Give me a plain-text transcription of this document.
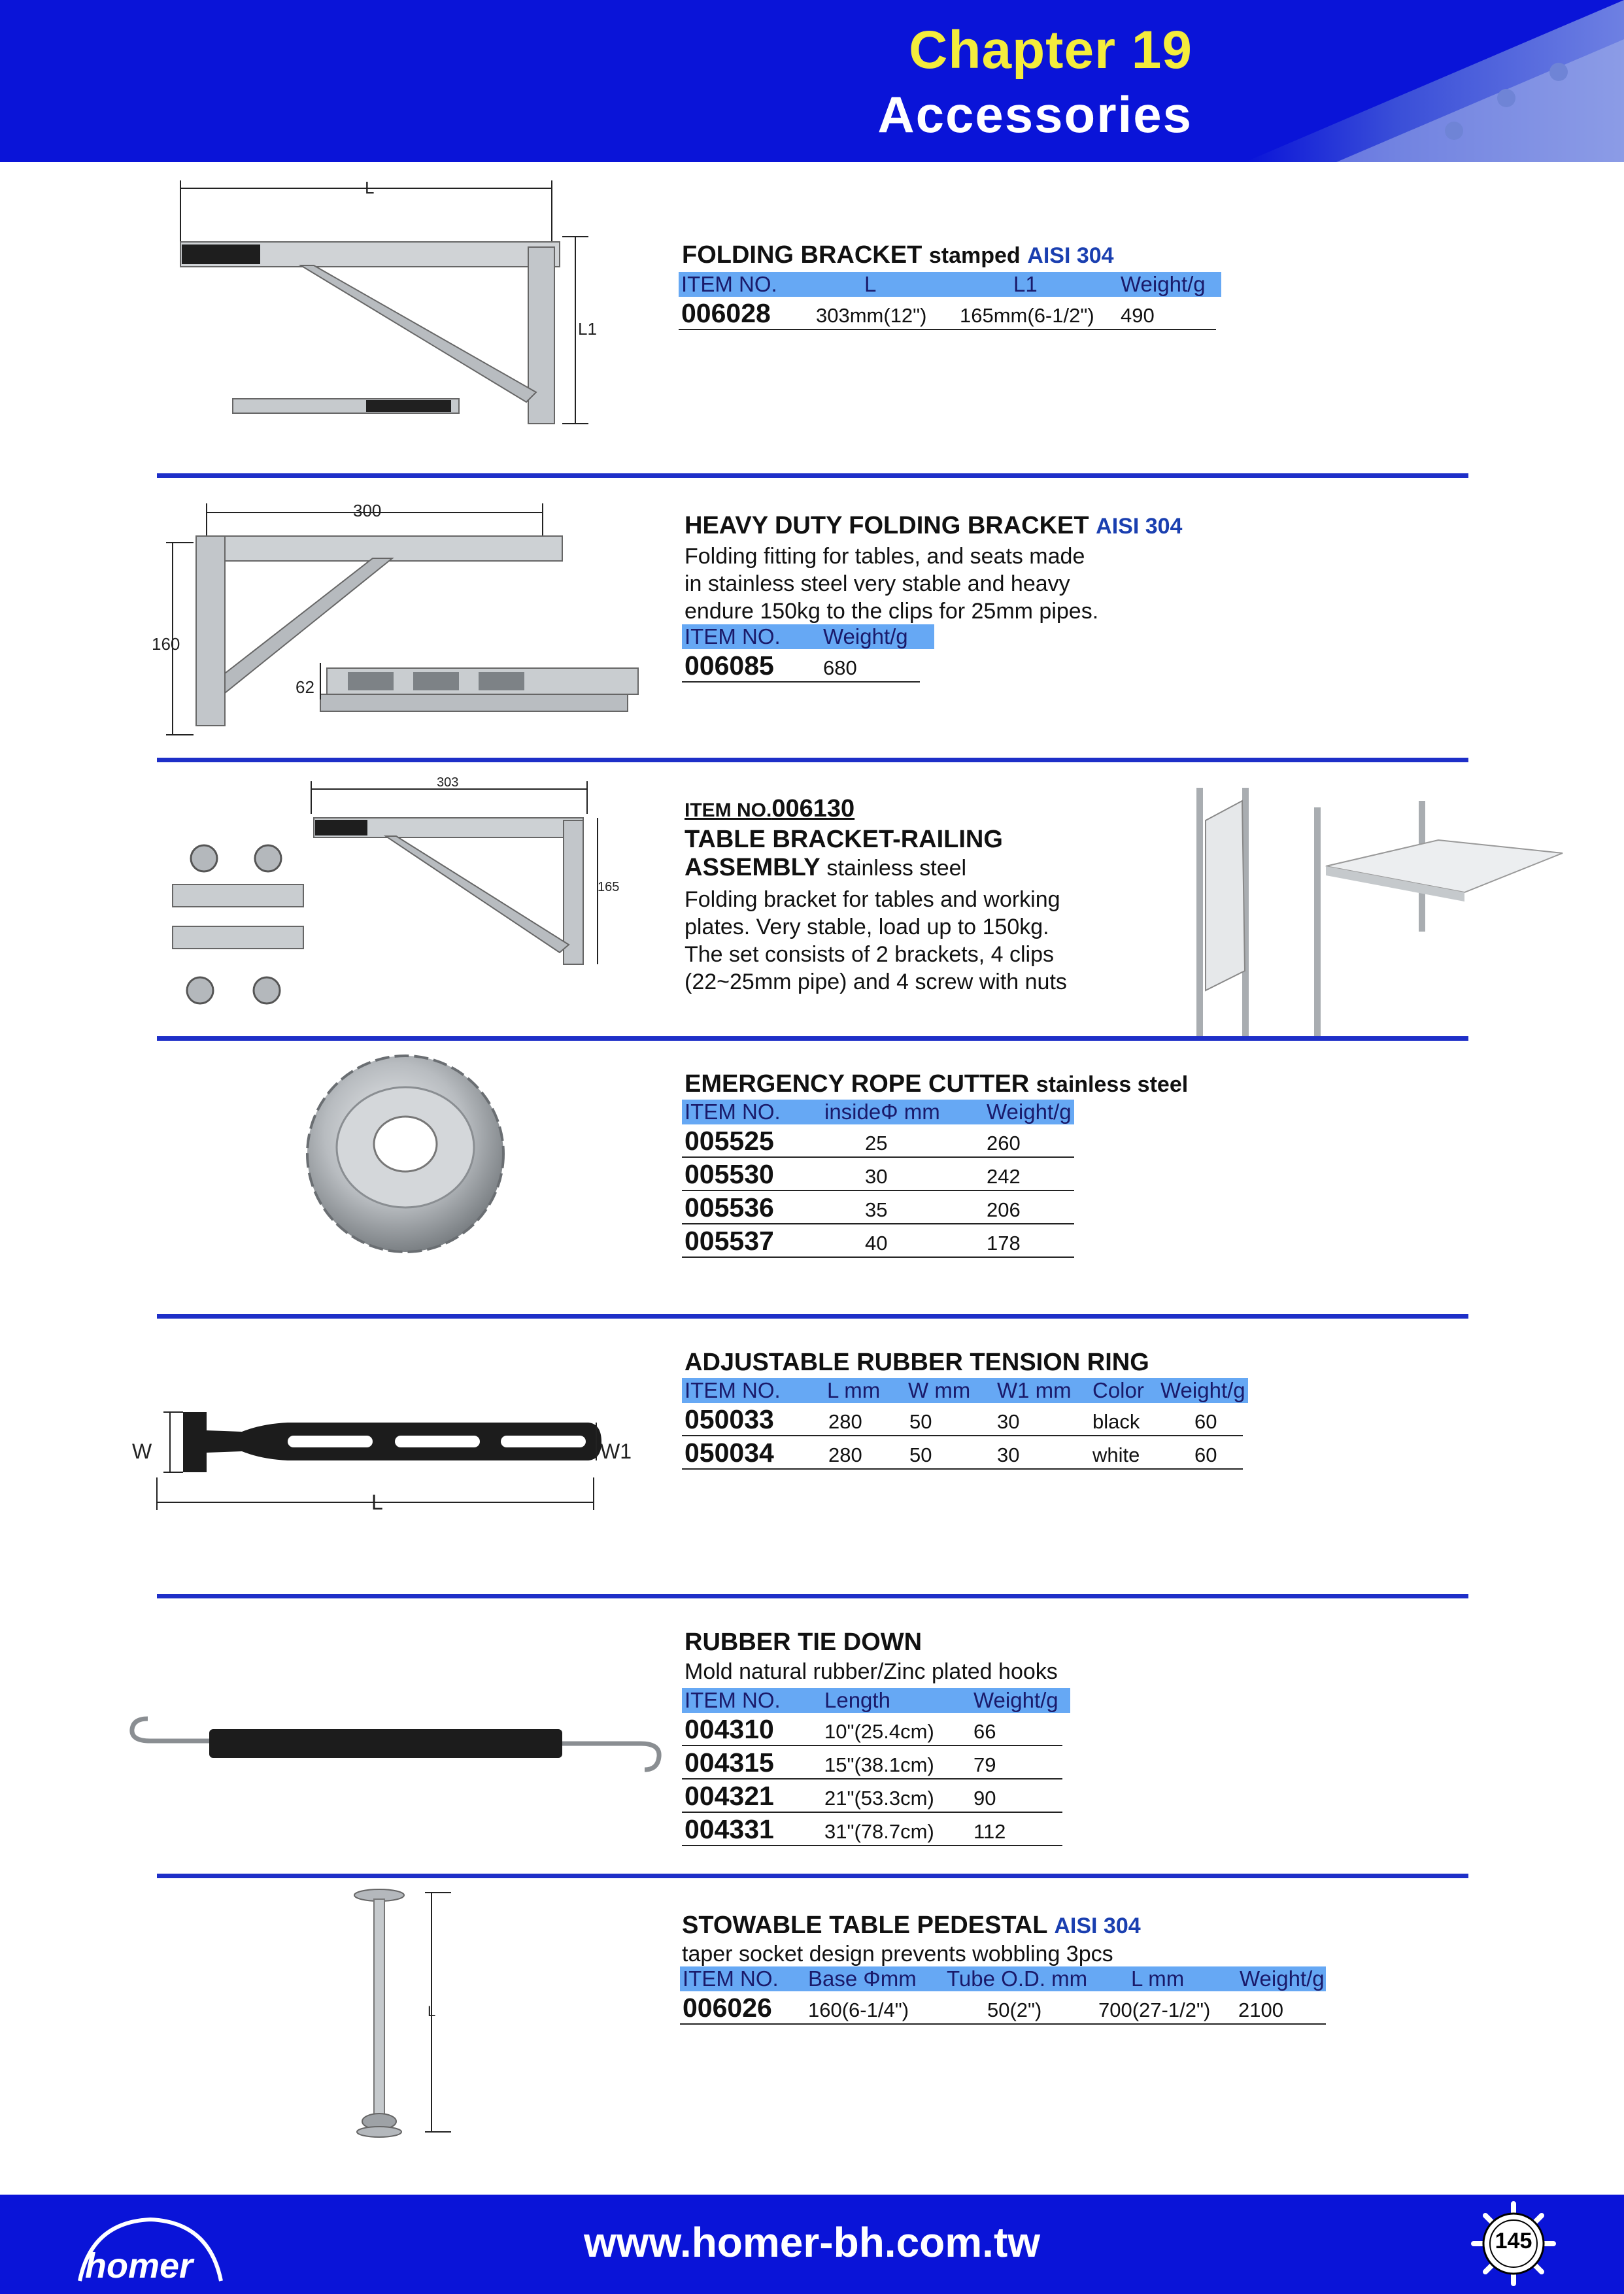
Chapter 19
Accessories
L
L1
FOLDING BRACKET stamped AISI 304
ITEM NO.	L	L1	Weight/g
006028 303mm(12") 165mm(6-1/2") 490
300
160
62
HEAVY DUTY FOLDING BRACKET AISI 304
Folding fitting for tables, and seats made
in stainless steel very stable and heavy
endure 150kg to the clips for 25mm pipes.
ITEM NO. Weight/g
006085 680
303
165
ITEM NO.006130
TABLE BRACKET-RAILING
ASSEMBLY stainless steel
Folding bracket for tables and working
plates. Very stable, load up to 150kg.
The set consists of 2 brackets, 4 clips
(22~25mm pipe) and 4 screw with nuts
EMERGENCY ROPE CUTTER stainless steel
ITEM NO. insideΦ mm Weight/g
005525	25	260
005530	30	242
005536	35	206
005537	40	178
W	W1
L
ADJUSTABLE RUBBER TENSION RING
ITEM NO. L mm W mm W1 mm Color Weight/g
050033	280 50	30	black	60
050034	280 50	30	white	60
RUBBER TIE DOWN
Mold natural rubber/Zinc plated hooks
ITEM NO. Length	Weight/g
004310 10"(25.4cm) 66
004315 15"(38.1cm) 79
004321 21"(53.3cm) 90
004331 31"(78.7cm) 112
L
STOWABLE TABLE PEDESTAL AISI 304
taper socket design prevents wobbling 3pcs
ITEM NO. Base Φmm Tube O.D. mm L mm	Weight/g
006026 160(6-1/4")	50(2")	700(27-1/2") 2100
homer	www.homer-bh.com.tw	145
